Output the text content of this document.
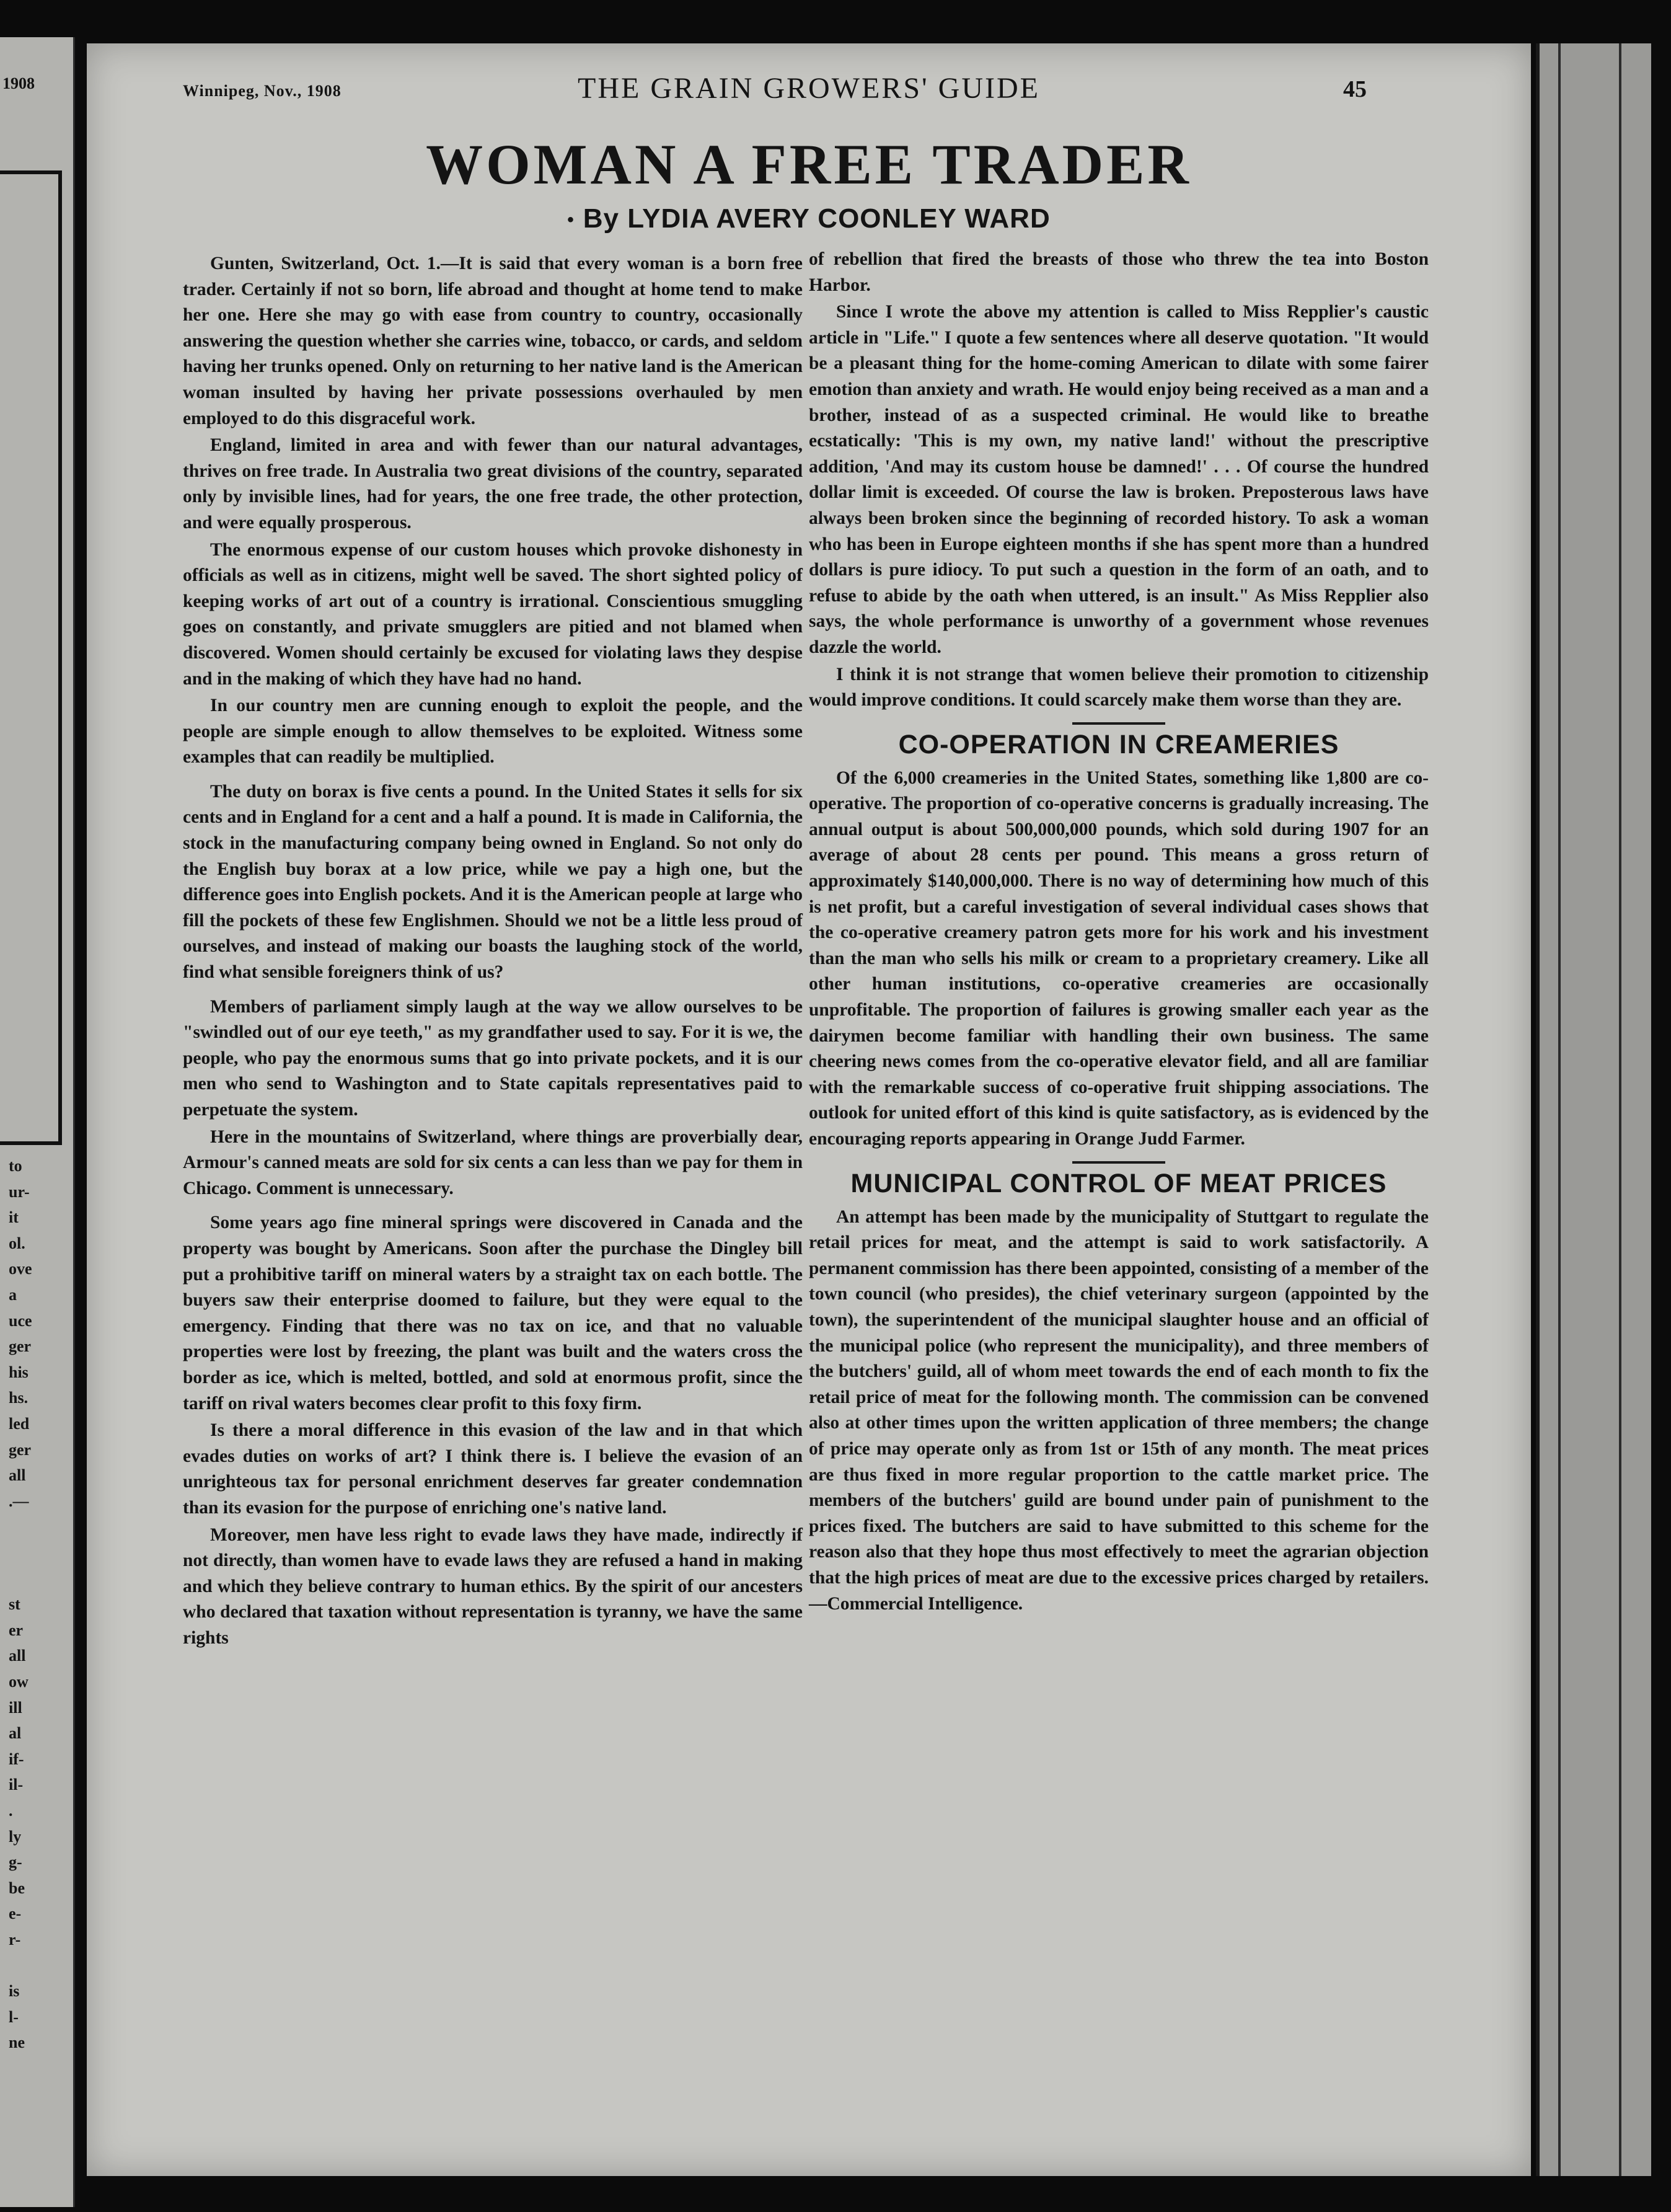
1908
to
ur-
it
ol.
ove
a
uce
ger
his
hs.
led
ger
all
.—
st
er
all
ow
ill
al
if-
il-
.
ly
g-
be
e-
r-
is
l-
ne
Winnipeg, Nov., 1908	THE GRAIN GROWERS' GUIDE	45
WOMAN A FREE TRADER
• By LYDIA AVERY COONLEY WARD

Gunten, Switzerland, Oct. 1.—It is said that every woman is a born free trader. Certainly if not so born, life abroad and thought at home tend to make her one. Here she may go with ease from country to country, occasionally answering the question whether she carries wine, tobacco, or cards, and seldom having her trunks opened. Only on returning to her native land is the American woman insulted by having her private possessions overhauled by men employed to do this disgraceful work.

England, limited in area and with fewer than our natural advantages, thrives on free trade. In Australia two great divisions of the country, separated only by invisible lines, had for years, the one free trade, the other protection, and were equally prosperous.

The enormous expense of our custom houses which provoke dishonesty in officials as well as in citizens, might well be saved. The short sighted policy of keeping works of art out of a country is irrational. Conscientious smuggling goes on constantly, and private smugglers are pitied and not blamed when discovered. Women should certainly be excused for violating laws they despise and in the making of which they have had no hand.

In our country men are cunning enough to exploit the people, and the people are simple enough to allow themselves to be exploited. Witness some examples that can readily be multiplied.

The duty on borax is five cents a pound. In the United States it sells for six cents and in England for a cent and a half a pound. It is made in California, the stock in the manufacturing company being owned in England. So not only do the English buy borax at a low price, while we pay a high one, but the difference goes into English pockets. And it is the American people at large who fill the pockets of these few Englishmen. Should we not be a little less proud of ourselves, and instead of making our boasts the laughing stock of the world, find what sensible foreigners think of us?

Members of parliament simply laugh at the way we allow ourselves to be "swindled out of our eye teeth," as my grandfather used to say. For it is we, the people, who pay the enormous sums that go into private pockets, and it is our men who send to Washington and to State capitals representatives paid to perpetuate the system.

Here in the mountains of Switzerland, where things are proverbially dear, Armour's canned meats are sold for six cents a can less than we pay for them in Chicago. Comment is unnecessary.

Some years ago fine mineral springs were discovered in Canada and the property was bought by Americans. Soon after the purchase the Dingley bill put a prohibitive tariff on mineral waters by a straight tax on each bottle. The buyers saw their enterprise doomed to failure, but they were equal to the emergency. Finding that there was no tax on ice, and that no valuable properties were lost by freezing, the plant was built and the waters cross the border as ice, which is melted, bottled, and sold at enormous profit, since the tariff on rival waters becomes clear profit to this foxy firm.

Is there a moral difference in this evasion of the law and in that which evades duties on works of art? I think there is. I believe the evasion of an unrighteous tax for personal enrichment deserves far greater condemnation than its evasion for the purpose of enriching one's native land.

Moreover, men have less right to evade laws they have made, indirectly if not directly, than women have to evade laws they are refused a hand in making and which they believe contrary to human ethics. By the spirit of our ancesters who declared that taxation without representation is tyranny, we have the same rights

of rebellion that fired the breasts of those who threw the tea into Boston Harbor.

Since I wrote the above my attention is called to Miss Repplier's caustic article in "Life." I quote a few sentences where all deserve quotation. "It would be a pleasant thing for the home-coming American to dilate with some fairer emotion than anxiety and wrath. He would enjoy being received as a man and a brother, instead of as a suspected criminal. He would like to breathe ecstatically: 'This is my own, my native land!' without the prescriptive addition, 'And may its custom house be damned!' . . . Of course the hundred dollar limit is exceeded. Of course the law is broken. Preposterous laws have always been broken since the beginning of recorded history. To ask a woman who has been in Europe eighteen months if she has spent more than a hundred dollars is pure idiocy. To put such a question in the form of an oath, and to refuse to abide by the oath when uttered, is an insult." As Miss Repplier also says, the whole performance is unworthy of a government whose revenues dazzle the world.

I think it is not strange that women believe their promotion to citizenship would improve conditions. It could scarcely make them worse than they are.

CO-OPERATION IN CREAMERIES

Of the 6,000 creameries in the United States, something like 1,800 are co-operative. The proportion of co-operative concerns is gradually increasing. The annual output is about 500,000,000 pounds, which sold during 1907 for an average of about 28 cents per pound. This means a gross return of approximately $140,000,000. There is no way of determining how much of this is net profit, but a careful investigation of several individual cases shows that the co-operative creamery patron gets more for his work and his investment than the man who sells his milk or cream to a proprietary creamery. Like all other human institutions, co-operative creameries are occasionally unprofitable. The proportion of failures is growing smaller each year as the dairymen become familiar with handling their own business. The same cheering news comes from the co-operative elevator field, and all are familiar with the remarkable success of co-operative fruit shipping associations. The outlook for united effort of this kind is quite satisfactory, as is evidenced by the encouraging reports appearing in Orange Judd Farmer.

MUNICIPAL CONTROL OF MEAT PRICES

An attempt has been made by the municipality of Stuttgart to regulate the retail prices for meat, and the attempt is said to work satisfactorily. A permanent commission has there been appointed, consisting of a member of the town council (who presides), the chief veterinary surgeon (appointed by the town), the superintendent of the municipal slaughter house and an official of the municipal police (who represent the municipality), and three members of the butchers' guild, all of whom meet towards the end of each month to fix the retail price of meat for the following month. The commission can be convened also at other times upon the written application of three members; the change of price may operate only as from 1st or 15th of any month. The meat prices are thus fixed in more regular proportion to the cattle market price. The members of the butchers' guild are bound under pain of punishment to the prices fixed. The butchers are said to have submitted to this scheme for the reason also that they hope thus most effectively to meet the agrarian objection that the high prices of meat are due to the excessive prices charged by retailers.—Commercial Intelligence.
